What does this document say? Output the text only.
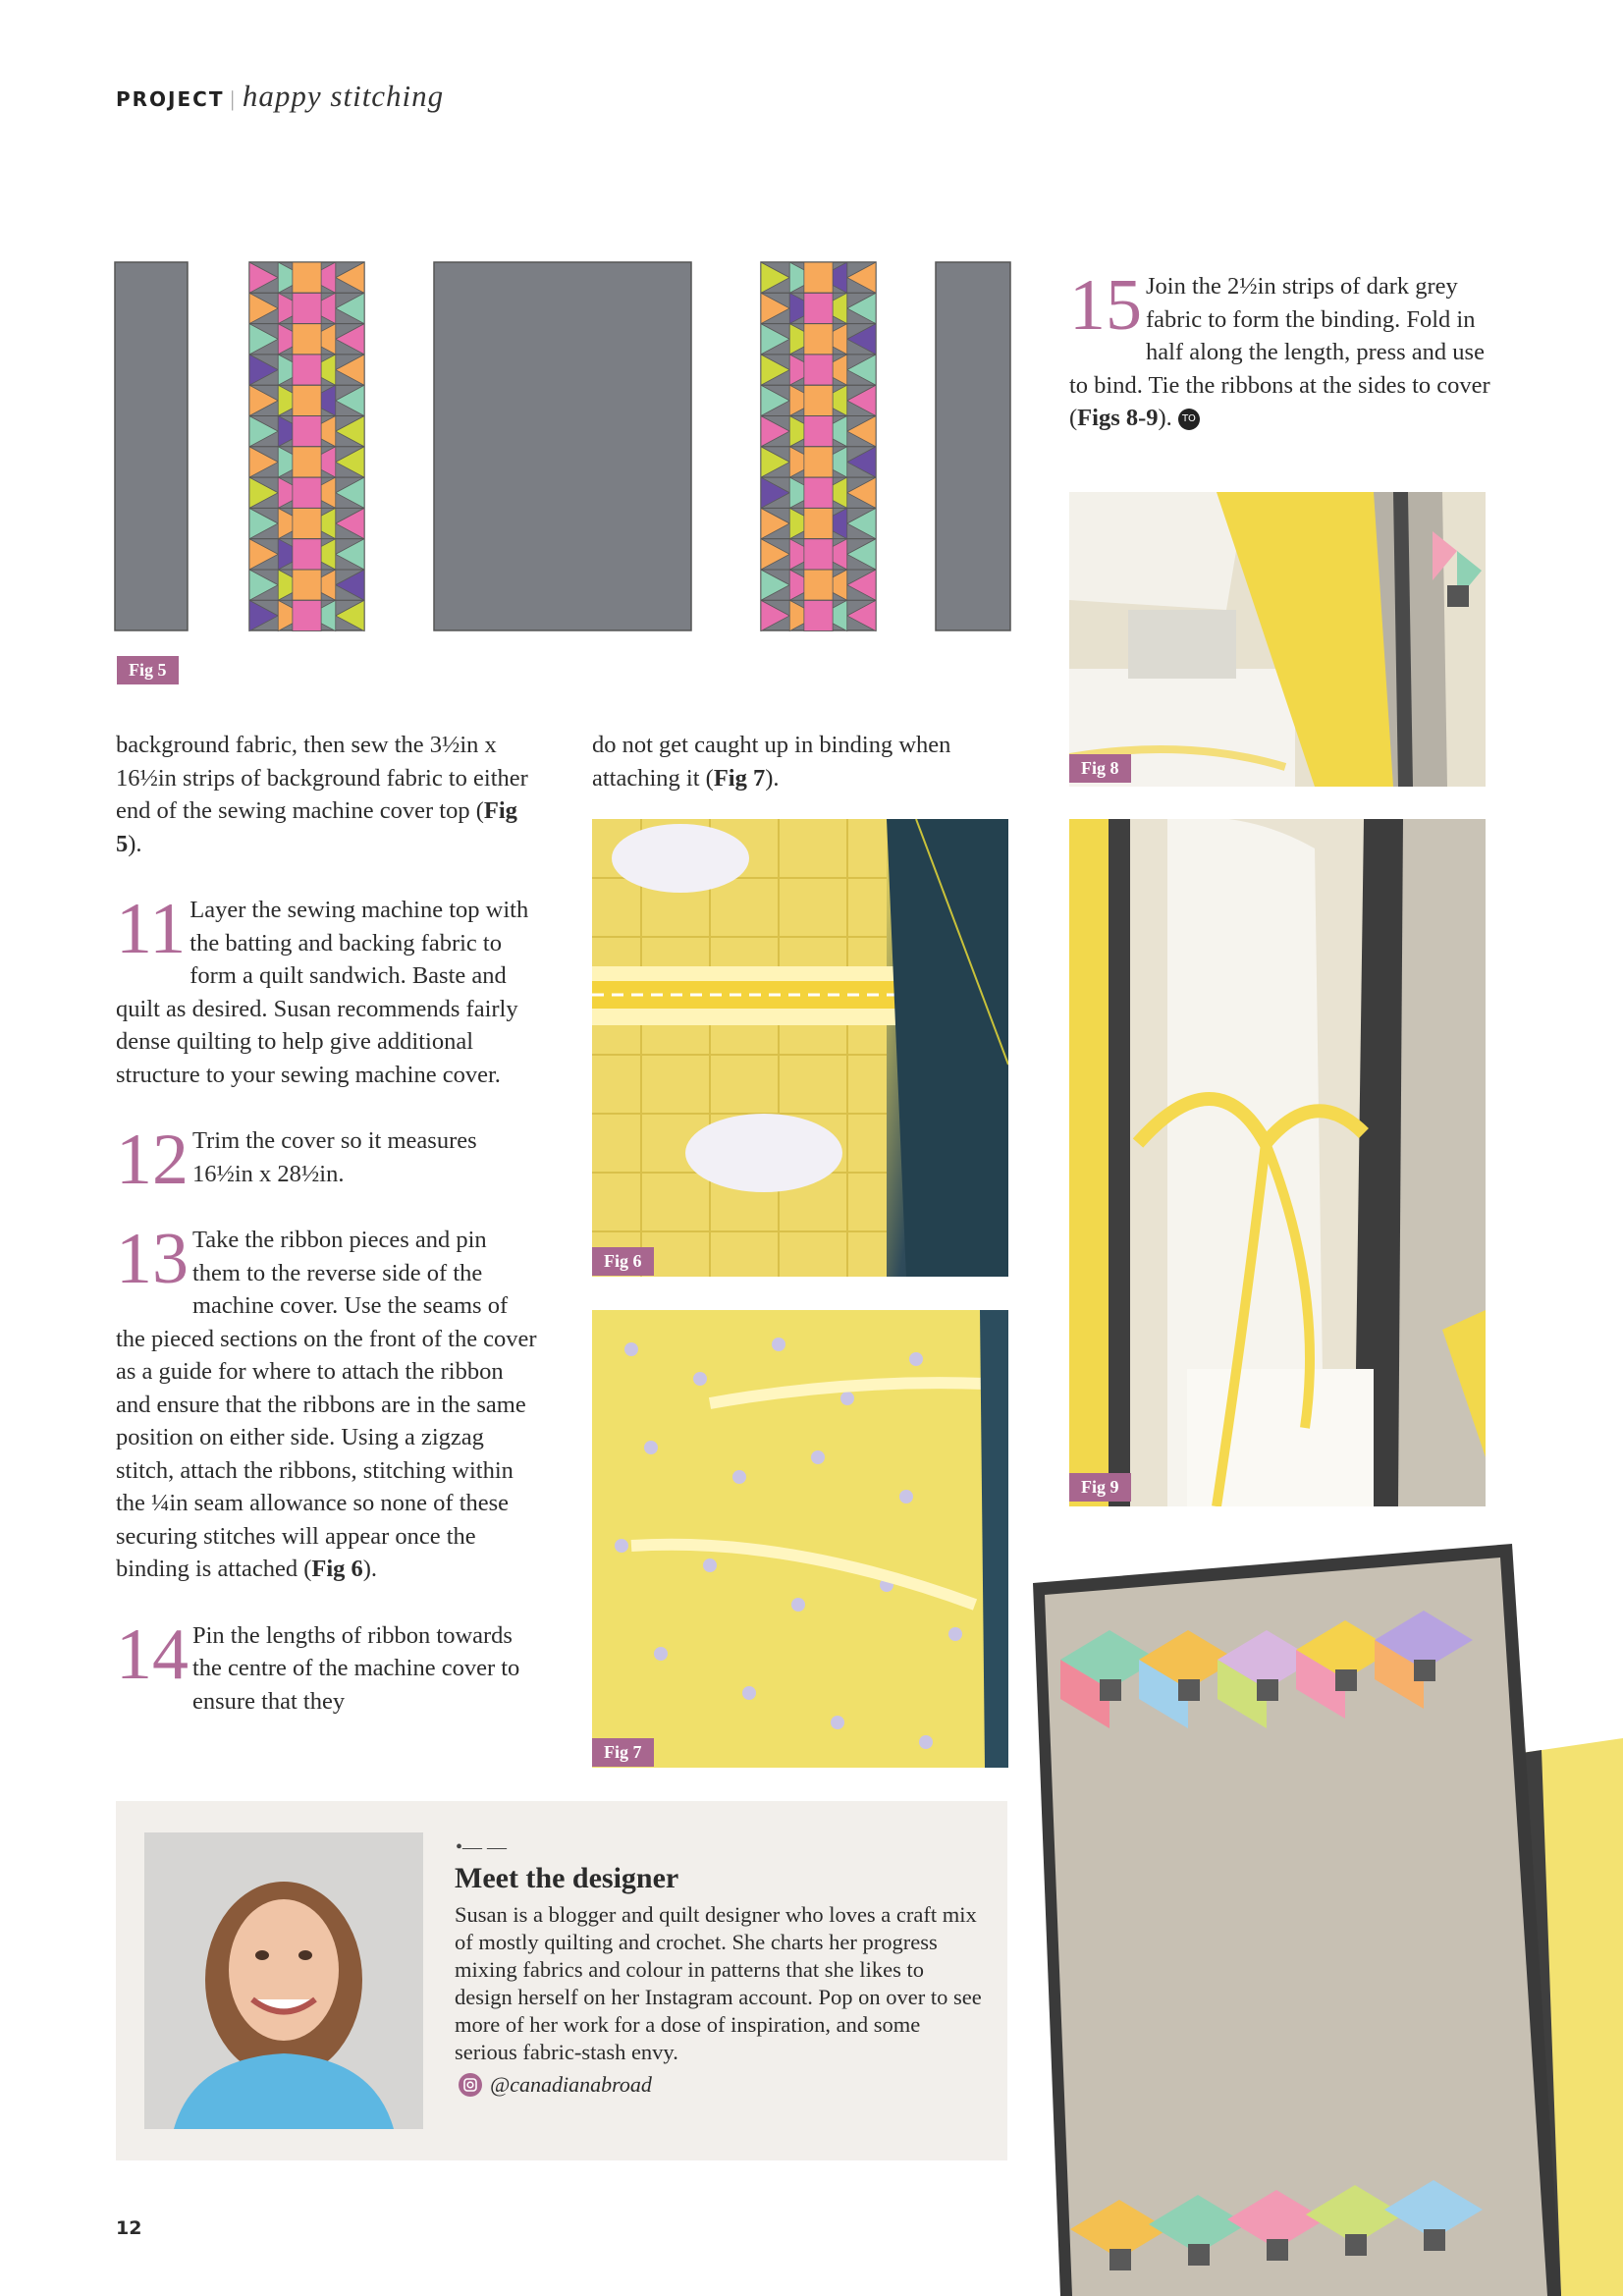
PROJECT | happy stitching
Fig 5

background fabric, then sew the 3½in x 16½in strips of background fabric to either end of the sewing machine cover top (Fig 5).

11 Layer the sewing machine top with the batting and backing fabric to form a quilt sandwich. Baste and quilt as desired. Susan recommends fairly dense quilting to help give additional structure to your sewing machine cover.

12 Trim the cover so it measures 16½in x 28½in.

13 Take the ribbon pieces and pin them to the reverse side of the machine cover. Use the seams of the pieced sections on the front of the cover as a guide for where to attach the ribbon and ensure that the ribbons are in the same position on either side. Using a zigzag stitch, attach the ribbons, stitching within the ¼in seam allowance so none of these securing stitches will appear once the binding is attached (Fig 6).

14 Pin the lengths of ribbon towards the centre of the machine cover to ensure that they

do not get caught up in binding when attaching it (Fig 7).

Fig 6
Fig 7

15 Join the 2½in strips of dark grey fabric to form the binding. Fold in half along the length, press and use to bind. Tie the ribbons at the sides to cover (Figs 8-9). TO

Fig 8
Fig 9
•— —

Meet the designer

Susan is a blogger and quilt designer who loves a craft mix of mostly quilting and crochet. She charts her progress mixing fabrics and colour in patterns that she likes to design herself on her Instagram account. Pop on over to see more of her work for a dose of inspiration, and some serious fabric-stash envy.
@canadianabroad
12
